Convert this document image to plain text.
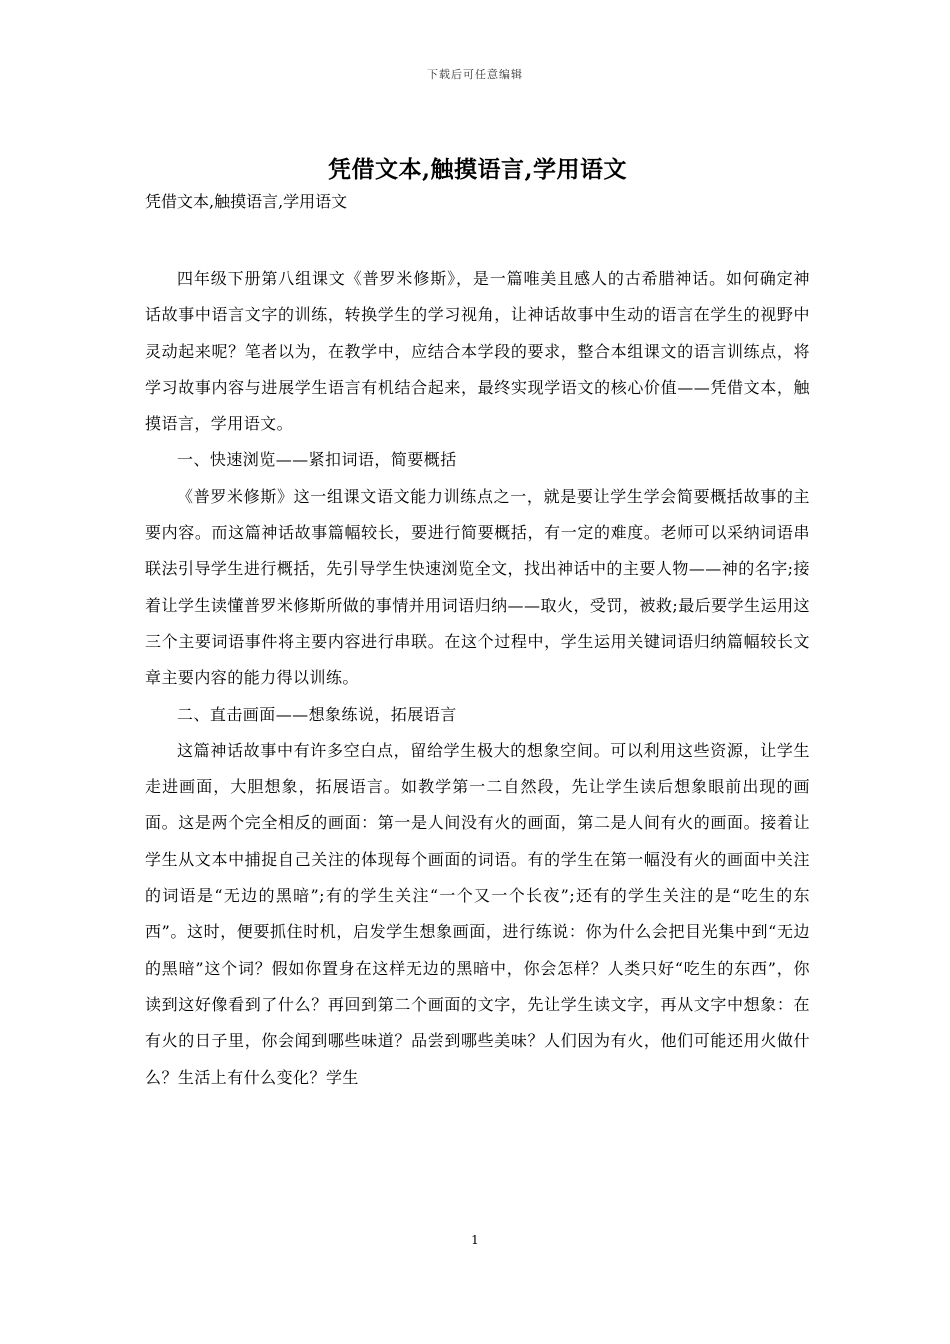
下载后可任意编辑
凭借文本,触摸语言,学用语文

凭借文本,触摸语言,学用语文

四年级下册第八组课文《普罗米修斯》，是一篇唯美且感人的古希腊神话。如何确定神话故事中语言文字的训练，转换学生的学习视角，让神话故事中生动的语言在学生的视野中灵动起来呢？笔者以为，在教学中，应结合本学段的要求，整合本组课文的语言训练点，将学习故事内容与进展学生语言有机结合起来，最终实现学语文的核心价值——凭借文本，触摸语言，学用语文。

一、快速浏览——紧扣词语，简要概括

《普罗米修斯》这一组课文语文能力训练点之一，就是要让学生学会简要概括故事的主要内容。而这篇神话故事篇幅较长，要进行简要概括，有一定的难度。老师可以采纳词语串联法引导学生进行概括，先引导学生快速浏览全文，找出神话中的主要人物——神的名字;接着让学生读懂普罗米修斯所做的事情并用词语归纳——取火，受罚，被救;最后要学生运用这三个主要词语事件将主要内容进行串联。在这个过程中，学生运用关键词语归纳篇幅较长文章主要内容的能力得以训练。

二、直击画面——想象练说，拓展语言

这篇神话故事中有许多空白点，留给学生极大的想象空间。可以利用这些资源，让学生走进画面，大胆想象，拓展语言。如教学第一二自然段，先让学生读后想象眼前出现的画面。这是两个完全相反的画面：第一是人间没有火的画面，第二是人间有火的画面。接着让学生从文本中捕捉自己关注的体现每个画面的词语。有的学生在第一幅没有火的画面中关注的词语是“无边的黑暗”;有的学生关注“一个又一个长夜”;还有的学生关注的是“吃生的东西”。这时，便要抓住时机，启发学生想象画面，进行练说：你为什么会把目光集中到“无边的黑暗”这个词？假如你置身在这样无边的黑暗中，你会怎样？人类只好“吃生的东西”，你读到这好像看到了什么？再回到第二个画面的文字，先让学生读文字，再从文字中想象：在有火的日子里，你会闻到哪些味道？品尝到哪些美味？人们因为有火，他们可能还用火做什么？生活上有什么变化？学生

1
